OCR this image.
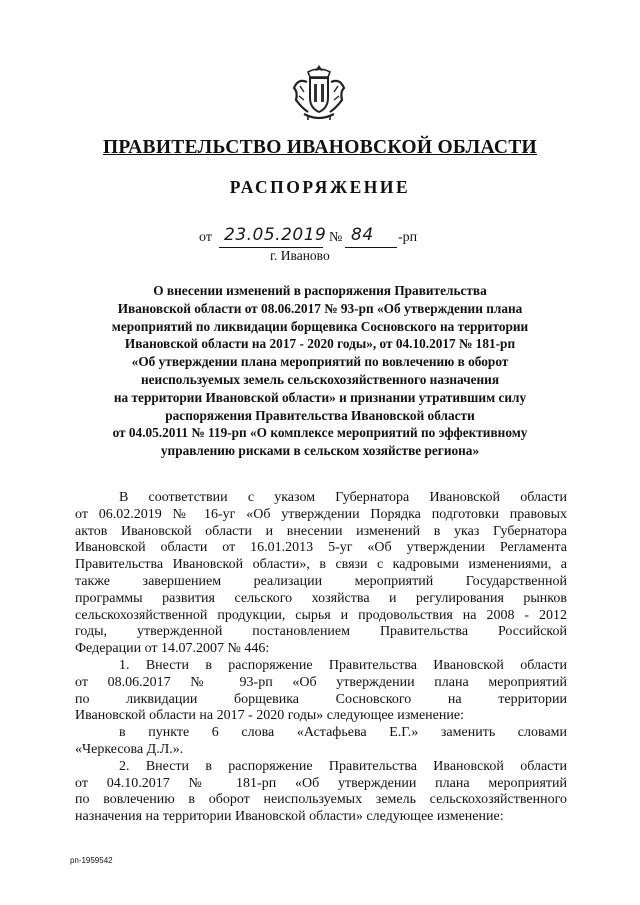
ПРАВИТЕЛЬСТВО ИВАНОВСКОЙ ОБЛАСТИ
РАСПОРЯЖЕНИЕ
от 23.05.2019 № 84 -рп
г. Иваново
О внесении изменений в распоряжения Правительства
Ивановской области от 08.06.2017 № 93-рп «Об утверждении плана
мероприятий по ликвидации борщевика Сосновского на территории
Ивановской области на 2017 - 2020 годы», от 04.10.2017 № 181-рп
«Об утверждении плана мероприятий по вовлечению в оборот
неиспользуемых земель сельскохозяйственного назначения
на территории Ивановской области» и признании утратившим силу
распоряжения Правительства Ивановской области
от 04.05.2011 № 119-рп «О комплексе мероприятий по эффективному
управлению рисками в сельском хозяйстве региона»
В соответствии с указом Губернатора Ивановской области
от 06.02.2019 № 16-уг «Об утверждении Порядка подготовки правовых
актов Ивановской области и внесении изменений в указ Губернатора
Ивановской области от 16.01.2013 5-уг «Об утверждении Регламента
Правительства Ивановской области», в связи с кадровыми изменениями, а
также завершением реализации мероприятий Государственной
программы развития сельского хозяйства и регулирования рынков
сельскохозяйственной продукции, сырья и продовольствия на 2008 - 2012
годы, утвержденной постановлением Правительства Российской
Федерации от 14.07.2007 № 446:
1. Внести в распоряжение Правительства Ивановской области
от 08.06.2017 № 93-рп «Об утверждении плана мероприятий
по ликвидации борщевика Сосновского на территории
Ивановской области на 2017 - 2020 годы» следующее изменение:
в пункте 6 слова «Астафьева Е.Г.» заменить словами
«Черкесова Д.Л.».
2. Внести в распоряжение Правительства Ивановской области
от 04.10.2017 № 181-рп «Об утверждении плана мероприятий
по вовлечению в оборот неиспользуемых земель сельскохозяйственного
назначения на территории Ивановской области» следующее изменение:
рп-1959542
